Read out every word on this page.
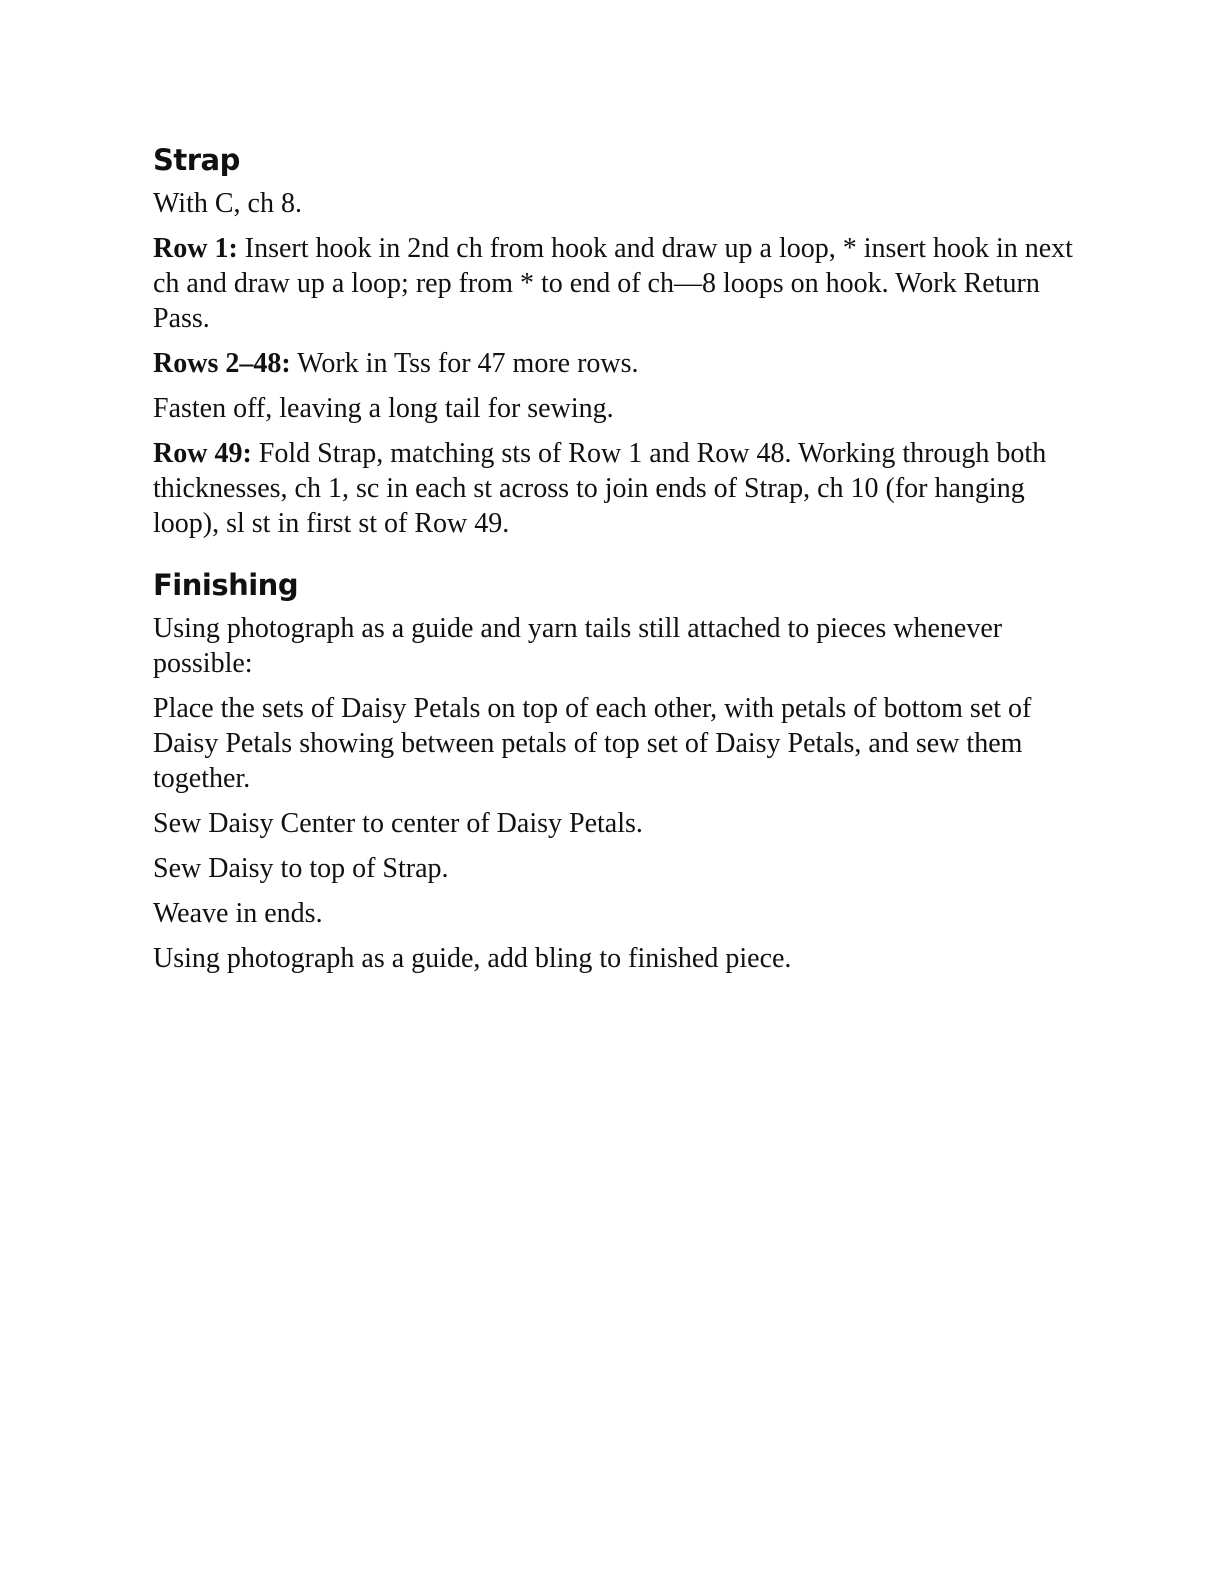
Strap

With C, ch 8.

Row 1: Insert hook in 2nd ch from hook and draw up a loop, * insert hook in next ch and draw up a loop; rep from * to end of ch—8 loops on hook. Work Return Pass.

Rows 2–48: Work in Tss for 47 more rows.

Fasten off, leaving a long tail for sewing.

Row 49: Fold Strap, matching sts of Row 1 and Row 48. Working through both thicknesses, ch 1, sc in each st across to join ends of Strap, ch 10 (for hanging loop), sl st in first st of Row 49.

Finishing

Using photograph as a guide and yarn tails still attached to pieces whenever possible:

Place the sets of Daisy Petals on top of each other, with petals of bottom set of Daisy Petals showing between petals of top set of Daisy Petals, and sew them together.

Sew Daisy Center to center of Daisy Petals.

Sew Daisy to top of Strap.

Weave in ends.

Using photograph as a guide, add bling to finished piece.
